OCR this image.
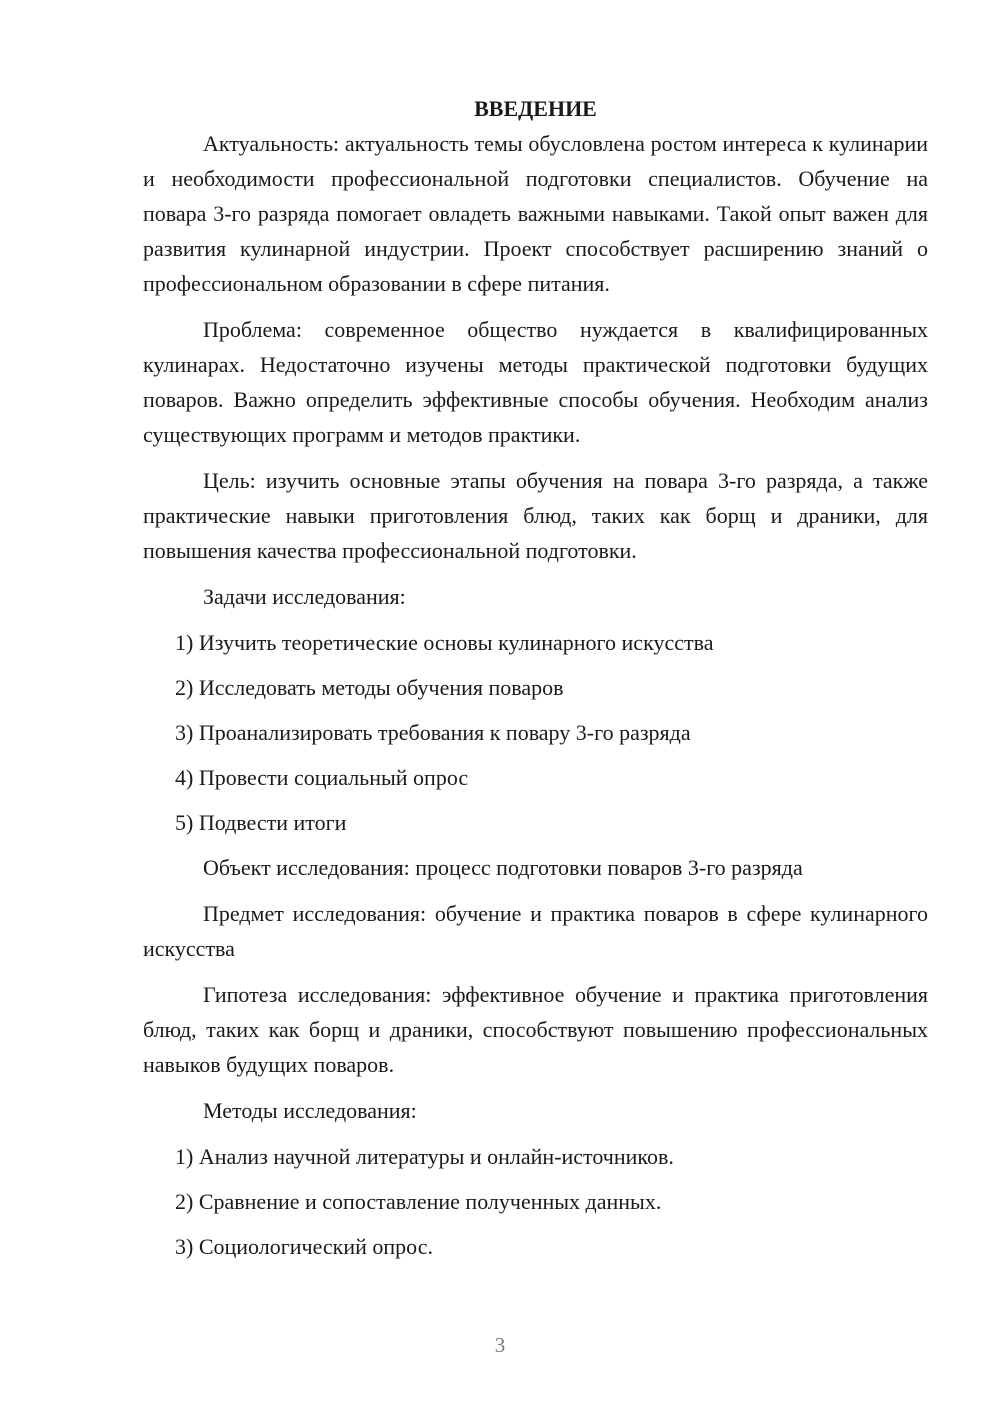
ВВЕДЕНИЕ

Актуальность: актуальность темы обусловлена ростом интереса к кулинарии и необходимости профессиональной подготовки специалистов. Обучение на повара 3-го разряда помогает овладеть важными навыками. Такой опыт важен для развития кулинарной индустрии. Проект способствует расширению знаний о профессиональном образовании в сфере питания.

Проблема: современное общество нуждается в квалифицированных кулинарах. Недостаточно изучены методы практической подготовки будущих поваров. Важно определить эффективные способы обучения. Необходим анализ существующих программ и методов практики.

Цель: изучить основные этапы обучения на повара 3-го разряда, а также практические навыки приготовления блюд, таких как борщ и драники, для повышения качества профессиональной подготовки.

Задачи исследования:

1) Изучить теоретические основы кулинарного искусства
2) Исследовать методы обучения поваров
3) Проанализировать требования к повару 3-го разряда
4) Провести социальный опрос
5) Подвести итоги

Объект исследования: процесс подготовки поваров 3-го разряда

Предмет исследования: обучение и практика поваров в сфере кулинарного искусства

Гипотеза исследования: эффективное обучение и практика приготовления блюд, таких как борщ и драники, способствуют повышению профессиональных навыков будущих поваров.

Методы исследования:

1) Анализ научной литературы и онлайн-источников.
2) Сравнение и сопоставление полученных данных.
3) Социологический опрос.
3
